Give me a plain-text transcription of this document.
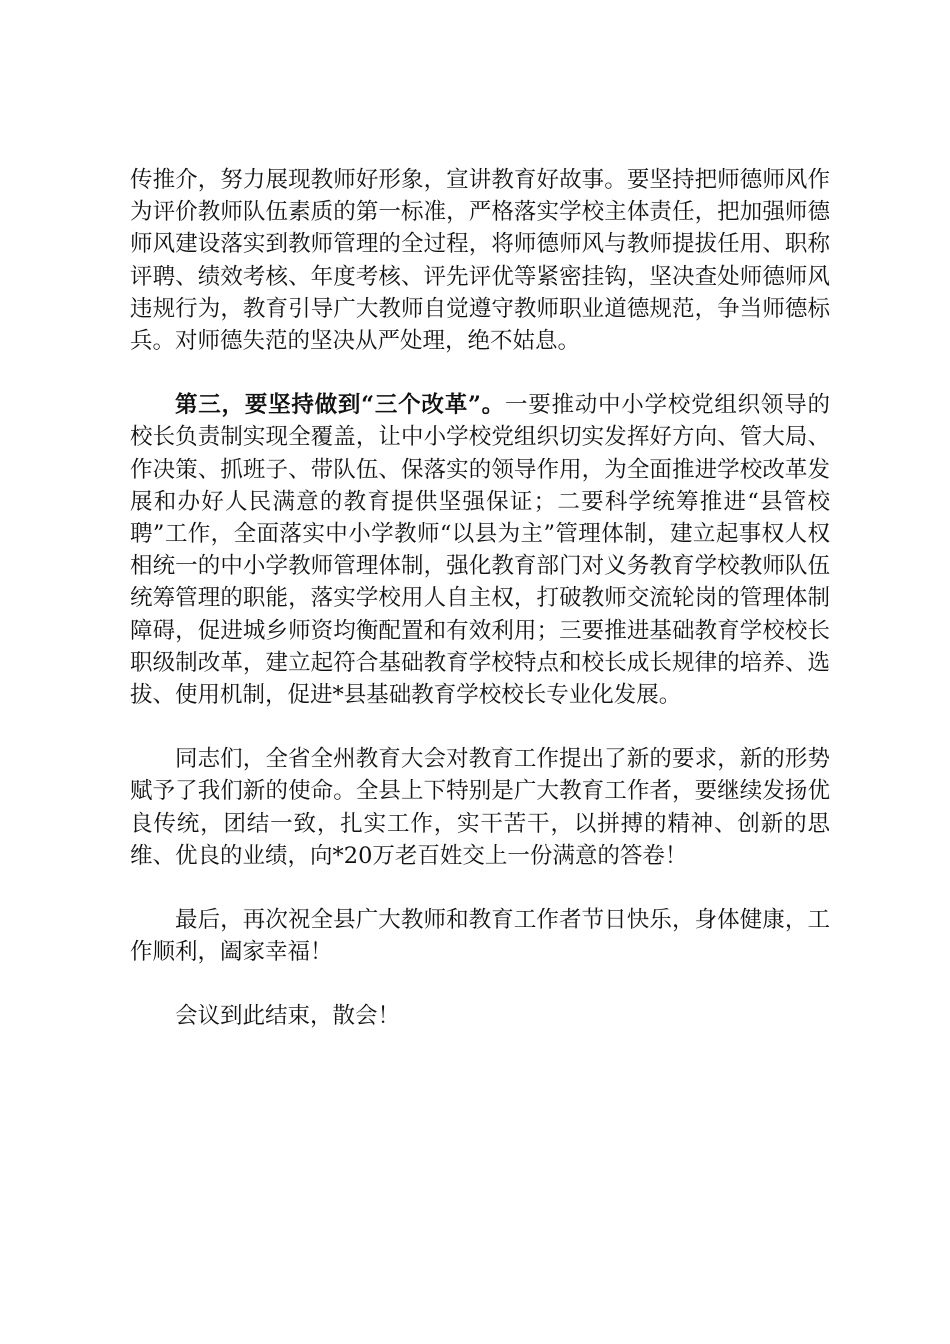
传推介，努力展现教师好形象，宣讲教育好故事。要坚持把师德师风作为评价教师队伍素质的第一标准，严格落实学校主体责任，把加强师德师风建设落实到教师管理的全过程，将师德师风与教师提拔任用、职称评聘、绩效考核、年度考核、评先评优等紧密挂钩，坚决查处师德师风违规行为，教育引导广大教师自觉遵守教师职业道德规范，争当师德标兵。对师德失范的坚决从严处理，绝不姑息。

第三，要坚持做到“三个改革”。一要推动中小学校党组织领导的校长负责制实现全覆盖，让中小学校党组织切实发挥好方向、管大局、作决策、抓班子、带队伍、保落实的领导作用，为全面推进学校改革发展和办好人民满意的教育提供坚强保证；二要科学统筹推进“县管校聘”工作，全面落实中小学教师“以县为主”管理体制，建立起事权人权相统一的中小学教师管理体制，强化教育部门对义务教育学校教师队伍统筹管理的职能，落实学校用人自主权，打破教师交流轮岗的管理体制障碍，促进城乡师资均衡配置和有效利用；三要推进基础教育学校校长职级制改革，建立起符合基础教育学校特点和校长成长规律的培养、选拔、使用机制，促进*县基础教育学校校长专业化发展。

同志们，全省全州教育大会对教育工作提出了新的要求，新的形势赋予了我们新的使命。全县上下特别是广大教育工作者，要继续发扬优良传统，团结一致，扎实工作，实干苦干，以拼搏的精神、创新的思维、优良的业绩，向*20万老百姓交上一份满意的答卷！

最后，再次祝全县广大教师和教育工作者节日快乐，身体健康，工作顺利，阖家幸福！

会议到此结束，散会！
